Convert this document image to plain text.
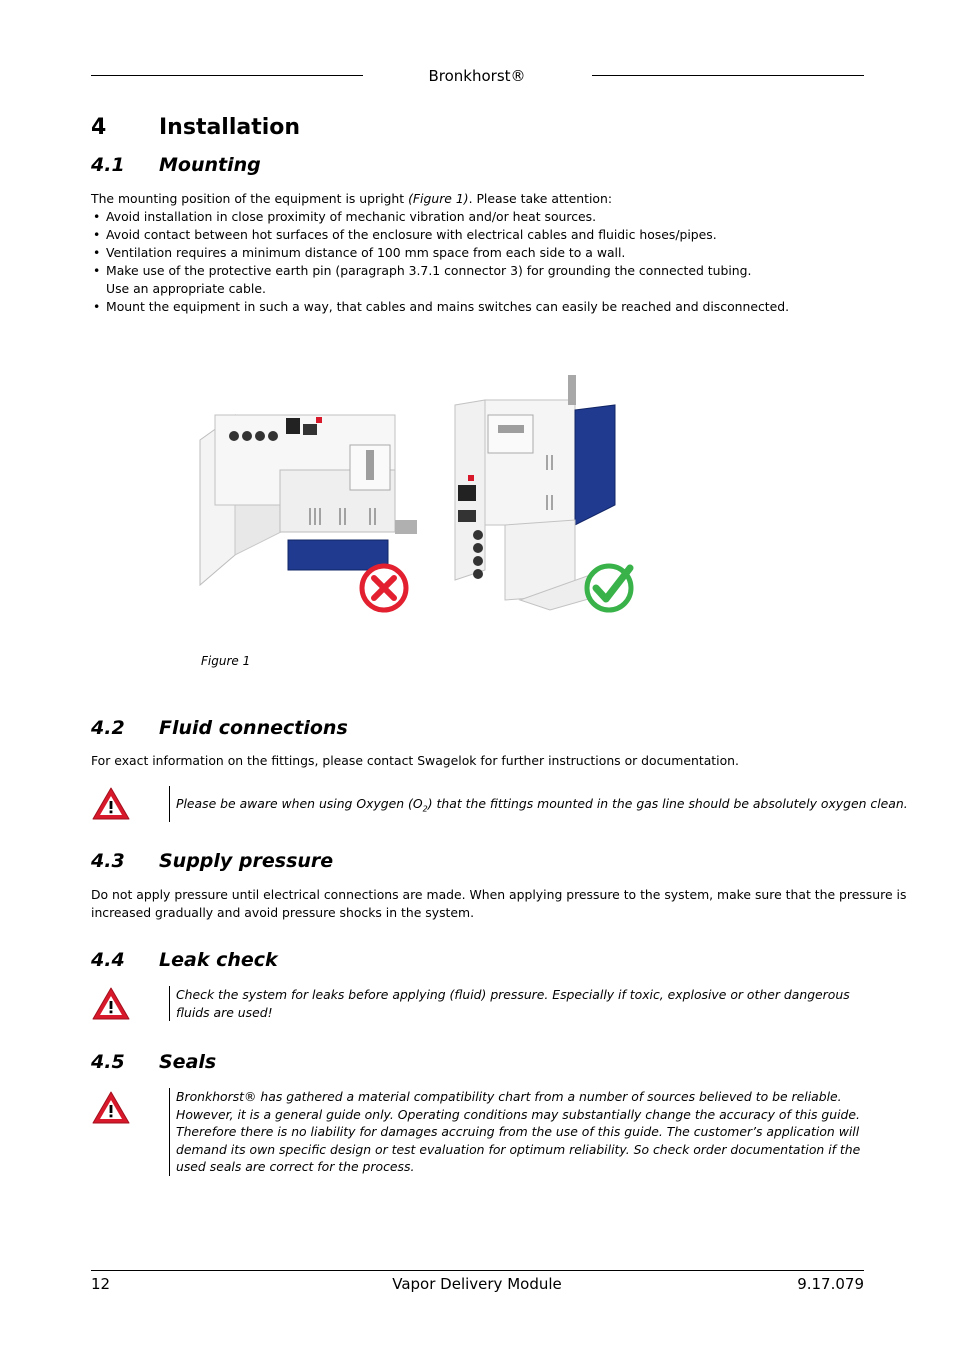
Bronkhorst®
4 Installation
4.1 Mounting
The mounting position of the equipment is upright (Figure 1). Please take attention:
• Avoid installation in close proximity of mechanic vibration and/or heat sources.
• Avoid contact between hot surfaces of the enclosure with electrical cables and fluidic hoses/pipes.
• Ventilation requires a minimum distance of 100 mm space from each side to a wall.
• Make use of the protective earth pin (paragraph 3.7.1 connector 3) for grounding the connected tubing.
Use an appropriate cable.
• Mount the equipment in such a way, that cables and mains switches can easily be reached and disconnected.
Figure 1
4.2 Fluid connections
For exact information on the fittings, please contact Swagelok for further instructions or documentation.
Please be aware when using Oxygen $(O_2)$ that the fittings mounted in the gas line should be absolutely oxygen clean.
4.3 Supply pressure
Do not apply pressure until electrical connections are made. When applying pressure to the system, make sure that the pressure is
increased gradually and avoid pressure shocks in the system.
4.4 Leak check
Check the system for leaks before applying (fluid) pressure. Especially if toxic, explosive or other dangerous fluids are used!
4.5 Seals
Bronkhorst® has gathered a material compatibility chart from a number of sources believed to be reliable. However, it is a general guide only. Operating conditions may substantially change the accuracy of this guide. Therefore there is no liability for damages accruing from the use of this guide. The customer’s application will demand its own specific design or test evaluation for optimum reliability. So check order documentation if the used seals are correct for the process.
12	Vapor Delivery Module	9.17.079
